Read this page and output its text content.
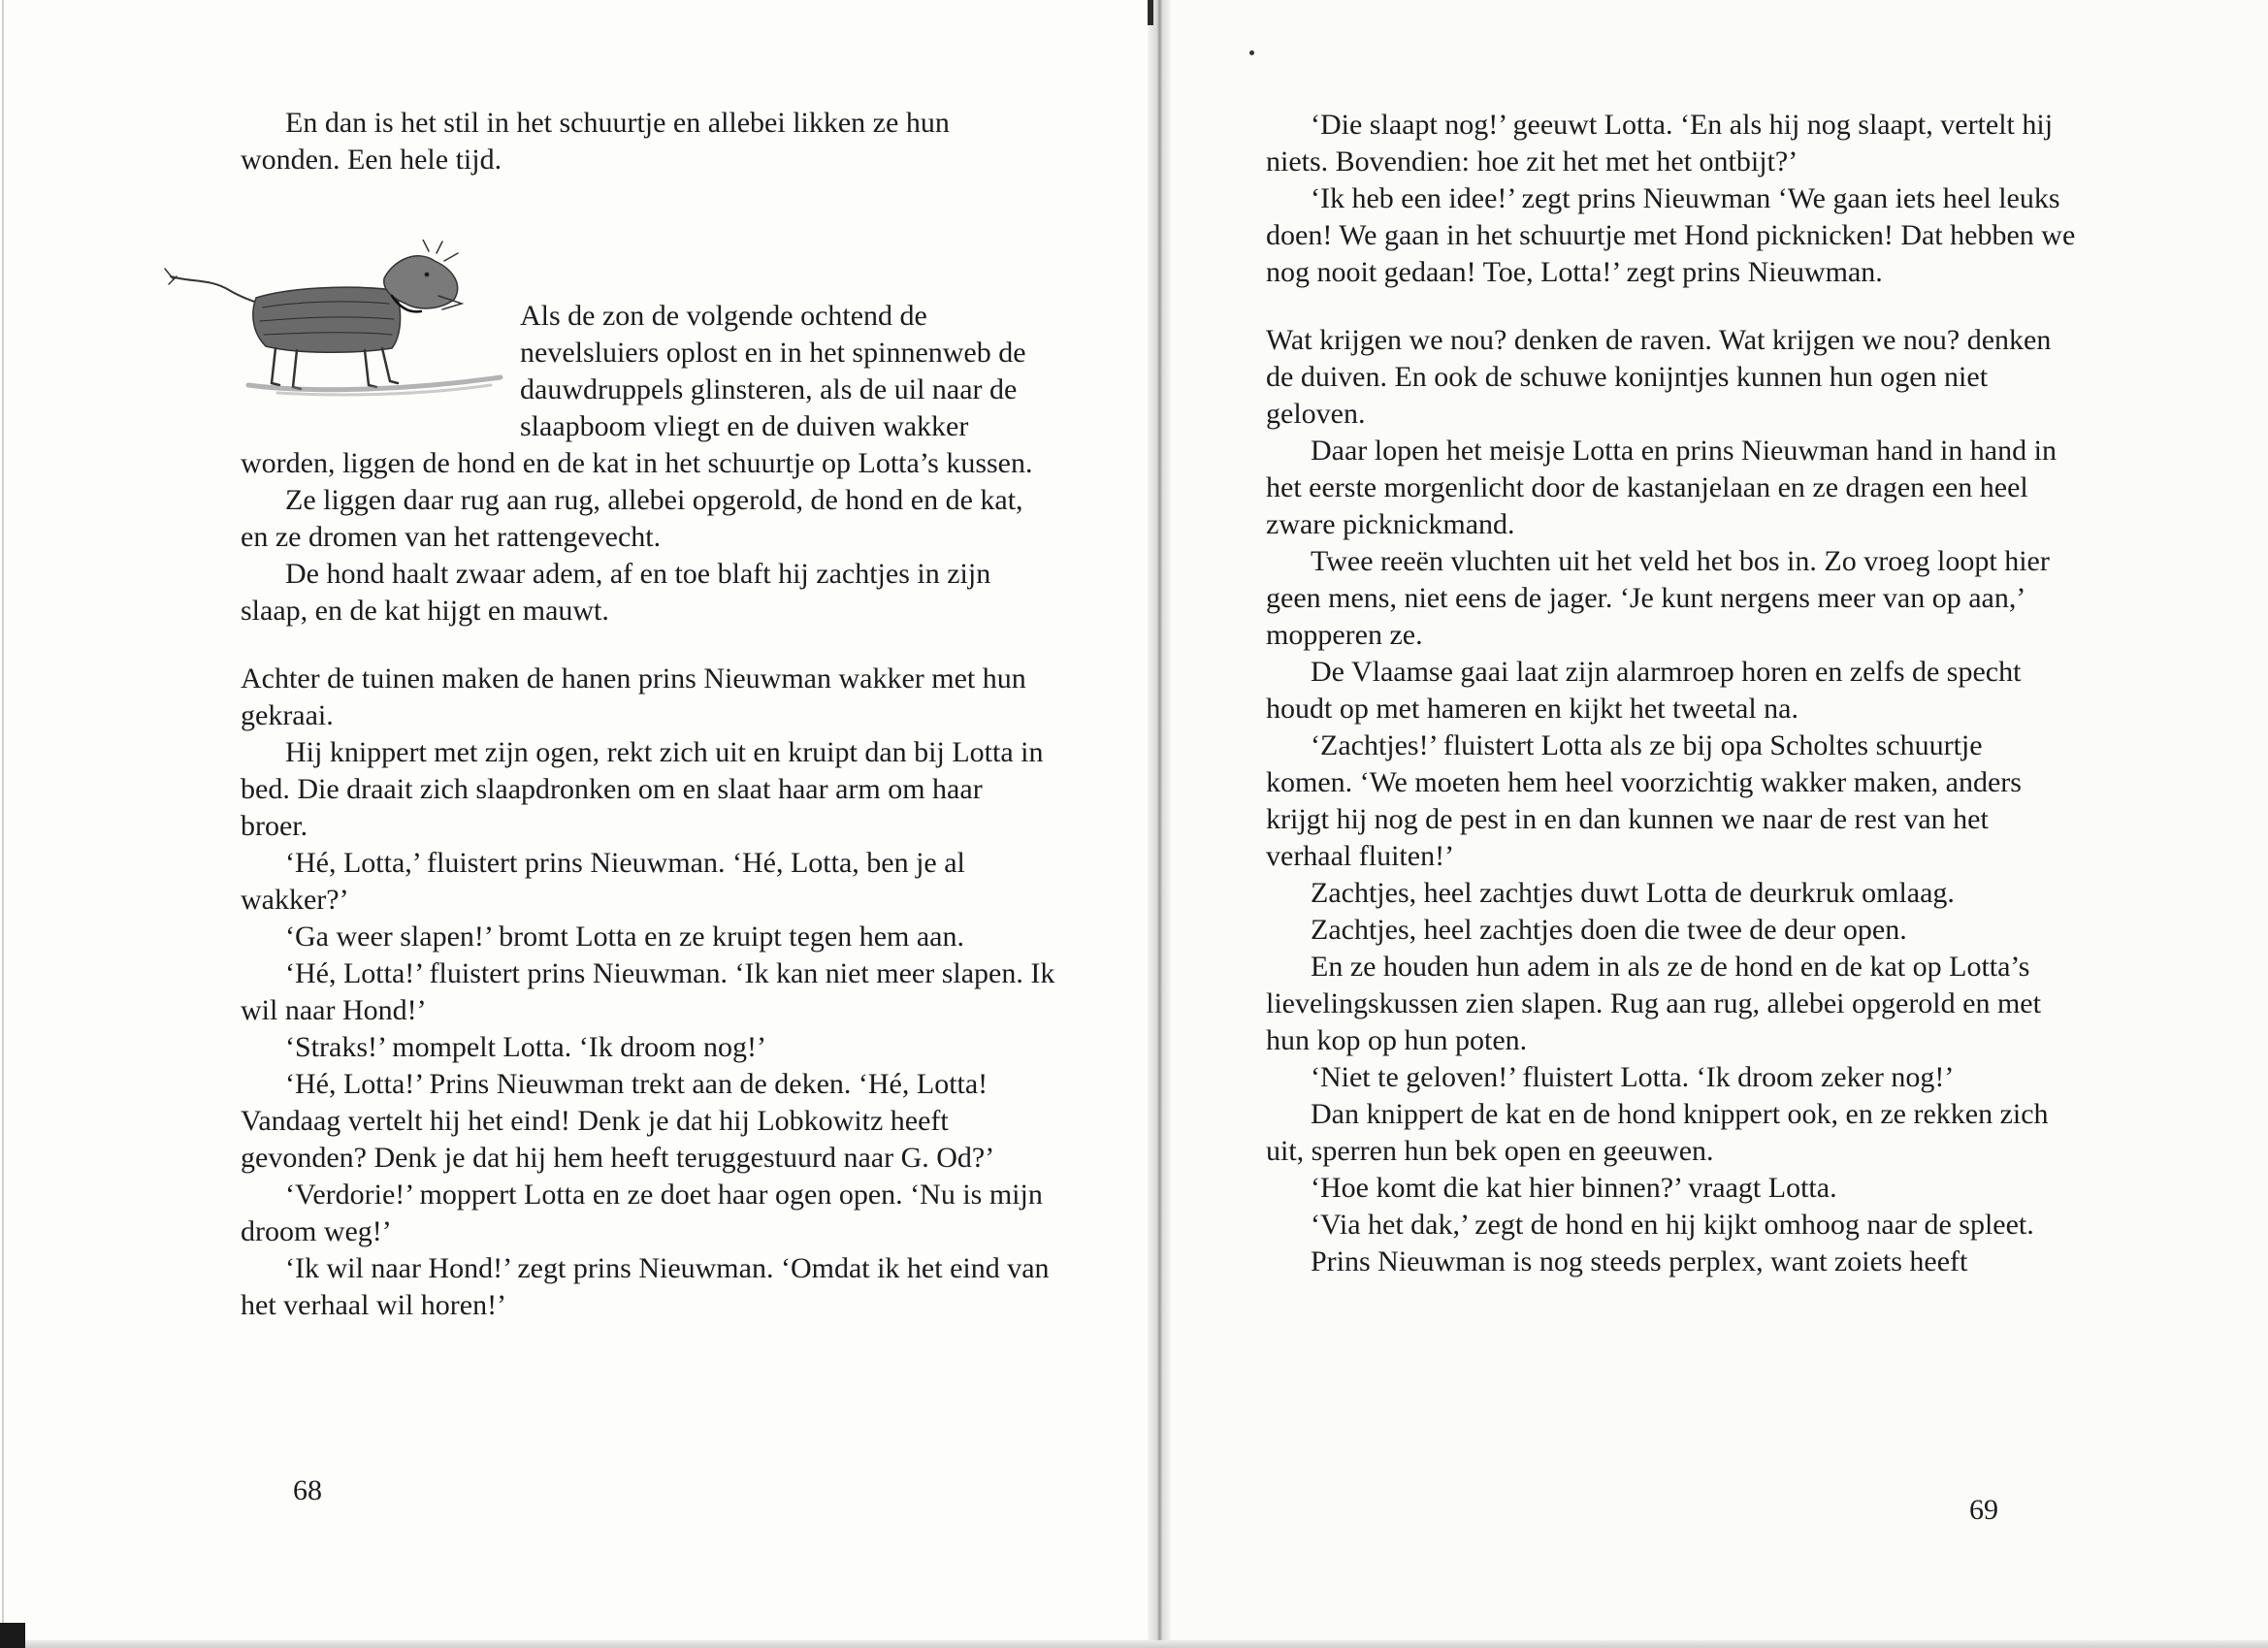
En dan is het stil in het schuurtje en allebei likken ze hun wonden. Een hele tijd.

Als de zon de volgende ochtend de nevelsluiers oplost en in het spinnenweb de dauwdruppels glinsteren, als de uil naar de slaapboom vliegt en de duiven wakker worden, liggen de hond en de kat in het schuurtje op Lotta’s kussen.

Ze liggen daar rug aan rug, allebei opgerold, de hond en de kat, en ze dromen van het rattengevecht.

De hond haalt zwaar adem, af en toe blaft hij zachtjes in zijn slaap, en de kat hijgt en mauwt.

Achter de tuinen maken de hanen prins Nieuwman wakker met hun gekraai.

Hij knippert met zijn ogen, rekt zich uit en kruipt dan bij Lotta in bed. Die draait zich slaapdronken om en slaat haar arm om haar broer.

‘Hé, Lotta,’ fluistert prins Nieuwman. ‘Hé, Lotta, ben je al wakker?’

‘Ga weer slapen!’ bromt Lotta en ze kruipt tegen hem aan.

‘Hé, Lotta!’ fluistert prins Nieuwman. ‘Ik kan niet meer slapen. Ik wil naar Hond!’

‘Straks!’ mompelt Lotta. ‘Ik droom nog!’

‘Hé, Lotta!’ Prins Nieuwman trekt aan de deken. ‘Hé, Lotta! Vandaag vertelt hij het eind! Denk je dat hij Lobkowitz heeft gevonden? Denk je dat hij hem heeft teruggestuurd naar G. Od?’

‘Verdorie!’ moppert Lotta en ze doet haar ogen open. ‘Nu is mijn droom weg!’

‘Ik wil naar Hond!’ zegt prins Nieuwman. ‘Omdat ik het eind van het verhaal wil horen!’

68

‘Die slaapt nog!’ geeuwt Lotta. ‘En als hij nog slaapt, vertelt hij niets. Bovendien: hoe zit het met het ontbijt?’

‘Ik heb een idee!’ zegt prins Nieuwman ‘We gaan iets heel leuks doen! We gaan in het schuurtje met Hond picknicken! Dat hebben we nog nooit gedaan! Toe, Lotta!’ zegt prins Nieuwman.

Wat krijgen we nou? denken de raven. Wat krijgen we nou? denken de duiven. En ook de schuwe konijntjes kunnen hun ogen niet geloven.

Daar lopen het meisje Lotta en prins Nieuwman hand in hand in het eerste morgenlicht door de kastanjelaan en ze dragen een heel zware picknickmand.

Twee reeën vluchten uit het veld het bos in. Zo vroeg loopt hier geen mens, niet eens de jager. ‘Je kunt nergens meer van op aan,’ mopperen ze.

De Vlaamse gaai laat zijn alarmroep horen en zelfs de specht houdt op met hameren en kijkt het tweetal na.

‘Zachtjes!’ fluistert Lotta als ze bij opa Scholtes schuurtje komen. ‘We moeten hem heel voorzichtig wakker maken, anders krijgt hij nog de pest in en dan kunnen we naar de rest van het verhaal fluiten!’

Zachtjes, heel zachtjes duwt Lotta de deurkruk omlaag.

Zachtjes, heel zachtjes doen die twee de deur open.

En ze houden hun adem in als ze de hond en de kat op Lotta’s lievelingskussen zien slapen. Rug aan rug, allebei opgerold en met hun kop op hun poten.

‘Niet te geloven!’ fluistert Lotta. ‘Ik droom zeker nog!’

Dan knippert de kat en de hond knippert ook, en ze rekken zich uit, sperren hun bek open en geeuwen.

‘Hoe komt die kat hier binnen?’ vraagt Lotta.

‘Via het dak,’ zegt de hond en hij kijkt omhoog naar de spleet.

Prins Nieuwman is nog steeds perplex, want zoiets heeft

69
